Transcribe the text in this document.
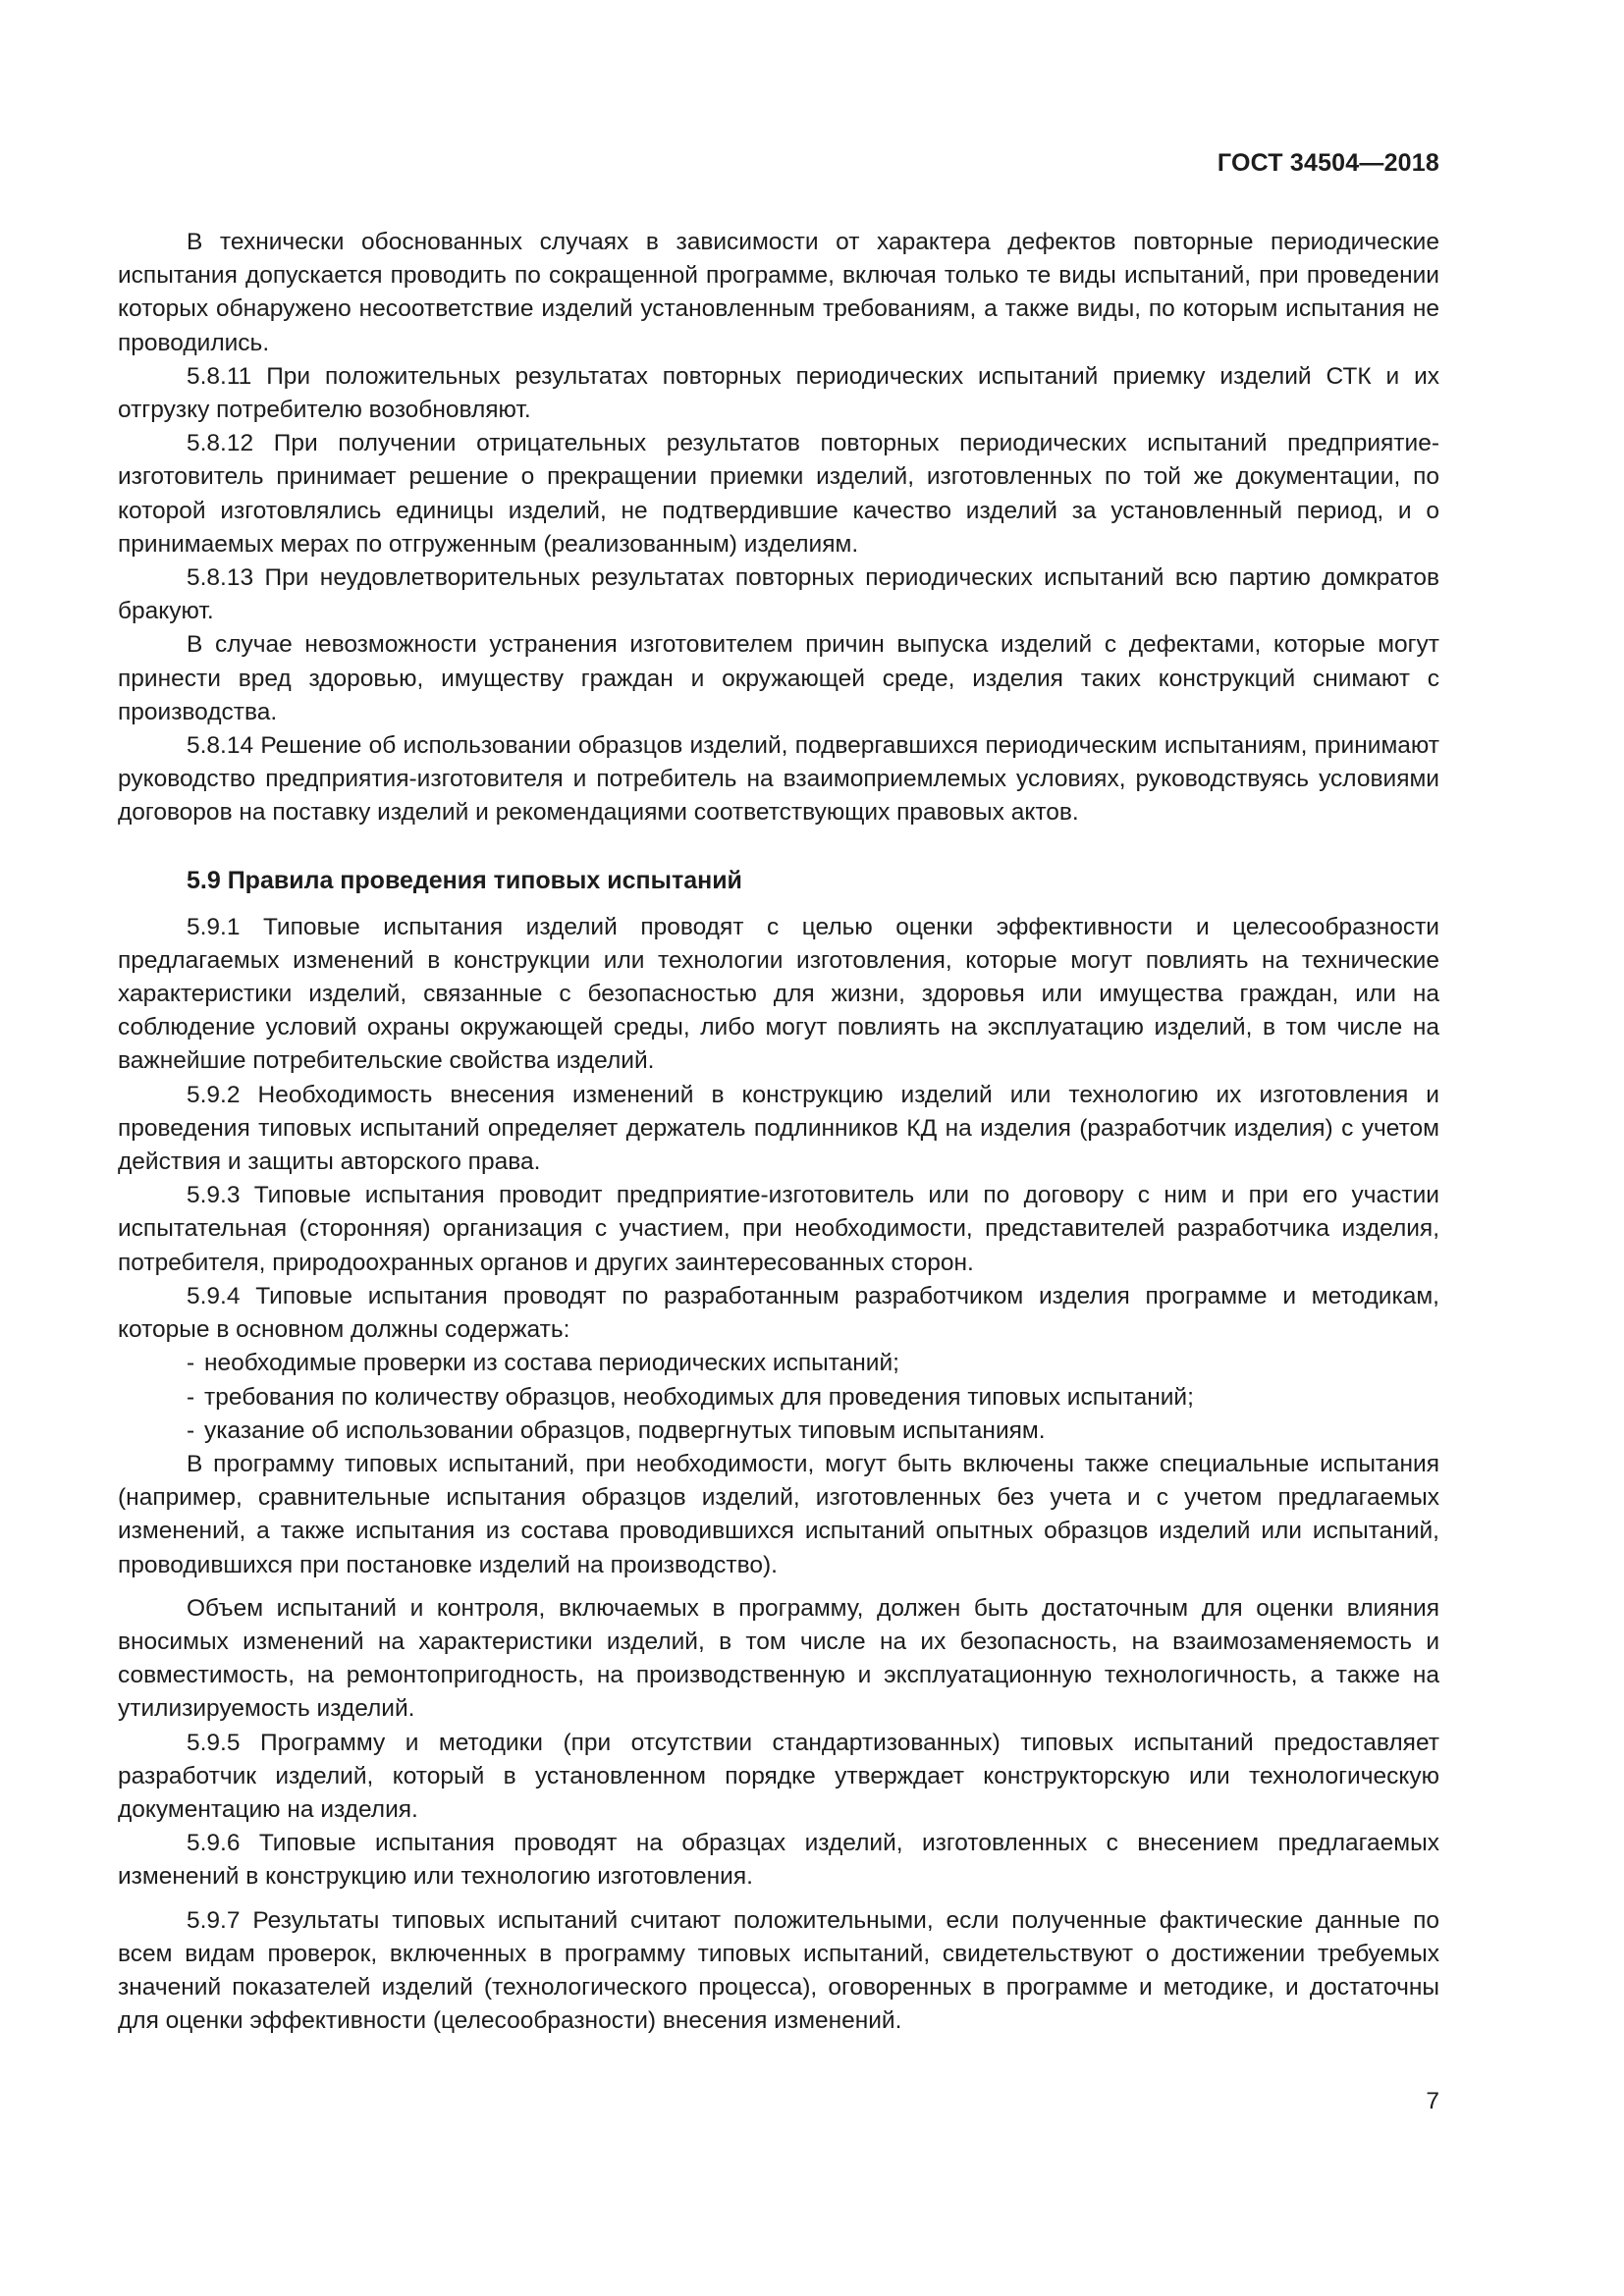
ГОСТ 34504—2018

В технически обоснованных случаях в зависимости от характера дефектов повторные периодические испытания допускается проводить по сокращенной программе, включая только те виды испытаний, при проведении которых обнаружено несоответствие изделий установленным требованиям, а также виды, по которым испытания не проводились.

5.8.11 При положительных результатах повторных периодических испытаний приемку изделий СТК и их отгрузку потребителю возобновляют.

5.8.12 При получении отрицательных результатов повторных периодических испытаний предприятие-изготовитель принимает решение о прекращении приемки изделий, изготовленных по той же документации, по которой изготовлялись единицы изделий, не подтвердившие качество изделий за установленный период, и о принимаемых мерах по отгруженным (реализованным) изделиям.

5.8.13 При неудовлетворительных результатах повторных периодических испытаний всю партию домкратов бракуют.

В случае невозможности устранения изготовителем причин выпуска изделий с дефектами, которые могут принести вред здоровью, имуществу граждан и окружающей среде, изделия таких конструкций снимают с производства.

5.8.14 Решение об использовании образцов изделий, подвергавшихся периодическим испытаниям, принимают руководство предприятия-изготовителя и потребитель на взаимоприемлемых условиях, руководствуясь условиями договоров на поставку изделий и рекомендациями соответствующих правовых актов.

5.9 Правила проведения типовых испытаний

5.9.1 Типовые испытания изделий проводят с целью оценки эффективности и целесообразности предлагаемых изменений в конструкции или технологии изготовления, которые могут повлиять на технические характеристики изделий, связанные с безопасностью для жизни, здоровья или имущества граждан, или на соблюдение условий охраны окружающей среды, либо могут повлиять на эксплуатацию изделий, в том числе на важнейшие потребительские свойства изделий.

5.9.2 Необходимость внесения изменений в конструкцию изделий или технологию их изготовления и проведения типовых испытаний определяет держатель подлинников КД на изделия (разработчик изделия) с учетом действия и защиты авторского права.

5.9.3 Типовые испытания проводит предприятие-изготовитель или по договору с ним и при его участии испытательная (сторонняя) организация с участием, при необходимости, представителей разработчика изделия, потребителя, природоохранных органов и других заинтересованных сторон.

5.9.4 Типовые испытания проводят по разработанным разработчиком изделия программе и методикам, которые в основном должны содержать:

- необходимые проверки из состава периодических испытаний;
- требования по количеству образцов, необходимых для проведения типовых испытаний;
- указание об использовании образцов, подвергнутых типовым испытаниям.

В программу типовых испытаний, при необходимости, могут быть включены также специальные испытания (например, сравнительные испытания образцов изделий, изготовленных без учета и с учетом предлагаемых изменений, а также испытания из состава проводившихся испытаний опытных образцов изделий или испытаний, проводившихся при постановке изделий на производство).

Объем испытаний и контроля, включаемых в программу, должен быть достаточным для оценки влияния вносимых изменений на характеристики изделий, в том числе на их безопасность, на взаимозаменяемость и совместимость, на ремонтопригодность, на производственную и эксплуатационную технологичность, а также на утилизируемость изделий.

5.9.5 Программу и методики (при отсутствии стандартизованных) типовых испытаний предоставляет разработчик изделий, который в установленном порядке утверждает конструкторскую или технологическую документацию на изделия.

5.9.6 Типовые испытания проводят на образцах изделий, изготовленных с внесением предлагаемых изменений в конструкцию или технологию изготовления.

5.9.7 Результаты типовых испытаний считают положительными, если полученные фактические данные по всем видам проверок, включенных в программу типовых испытаний, свидетельствуют о достижении требуемых значений показателей изделий (технологического процесса), оговоренных в программе и методике, и достаточны для оценки эффективности (целесообразности) внесения изменений.

7
